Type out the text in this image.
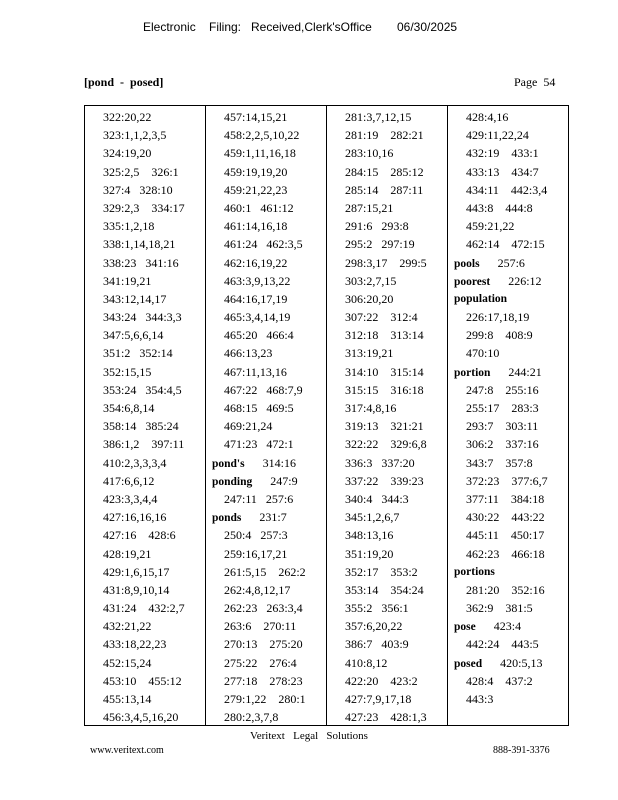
Electronic Filing: Received,Clerk'sOffice 06/30/2025
[pond  -  posed]	Page  54
322:20,22
323:1,1,2,3,5
324:19,20
325:2,5    326:1
327:4   328:10
329:2,3    334:17
335:1,2,18
338:1,14,18,21
338:23   341:16
341:19,21
343:12,14,17
343:24   344:3,3
347:5,6,6,14
351:2   352:14
352:15,15
353:24   354:4,5
354:6,8,14
358:14   385:24
386:1,2    397:11
410:2,3,3,3,4
417:6,6,12
423:3,3,4,4
427:16,16,16
427:16    428:6
428:19,21
429:1,6,15,17
431:8,9,10,14
431:24    432:2,7
432:21,22
433:18,22,23
452:15,24
453:10    455:12
455:13,14
456:3,4,5,16,20
457:14,15,21
458:2,2,5,10,22
459:1,11,16,18
459:19,19,20
459:21,22,23
460:1   461:12
461:14,16,18
461:24   462:3,5
462:16,19,22
463:3,9,13,22
464:16,17,19
465:3,4,14,19
465:20   466:4
466:13,23
467:11,13,16
467:22   468:7,9
468:15   469:5
469:21,24
471:23   472:1
pond's      314:16
ponding      247:9
247:11   257:6
ponds      231:7
250:4   257:3
259:16,17,21
261:5,15    262:2
262:4,8,12,17
262:23   263:3,4
263:6    270:11
270:13    275:20
275:22    276:4
277:18    278:23
279:1,22    280:1
280:2,3,7,8
281:3,7,12,15
281:19    282:21
283:10,16
284:15    285:12
285:14    287:11
287:15,21
291:6   293:8
295:2   297:19
298:3,17    299:5
303:2,7,15
306:20,20
307:22    312:4
312:18    313:14
313:19,21
314:10    315:14
315:15    316:18
317:4,8,16
319:13    321:21
322:22    329:6,8
336:3   337:20
337:22    339:23
340:4   344:3
345:1,2,6,7
348:13,16
351:19,20
352:17    353:2
353:14    354:24
355:2   356:1
357:6,20,22
386:7   403:9
410:8,12
422:20    423:2
427:7,9,17,18
427:23    428:1,3
428:4,16
429:11,22,24
432:19    433:1
433:13    434:7
434:11    442:3,4
443:8    444:8
459:21,22
462:14    472:15
pools      257:6
poorest      226:12
population
226:17,18,19
299:8    408:9
470:10
portion      244:21
247:8    255:16
255:17    283:3
293:7    303:11
306:2    337:16
343:7    357:8
372:23    377:6,7
377:11    384:18
430:22    443:22
445:11    450:17
462:23    466:18
portions
281:20    352:16
362:9    381:5
pose      423:4
442:24    443:5
posed      420:5,13
428:4    437:2
443:3
Veritext   Legal   Solutions
www.veritext.com	888-391-3376
